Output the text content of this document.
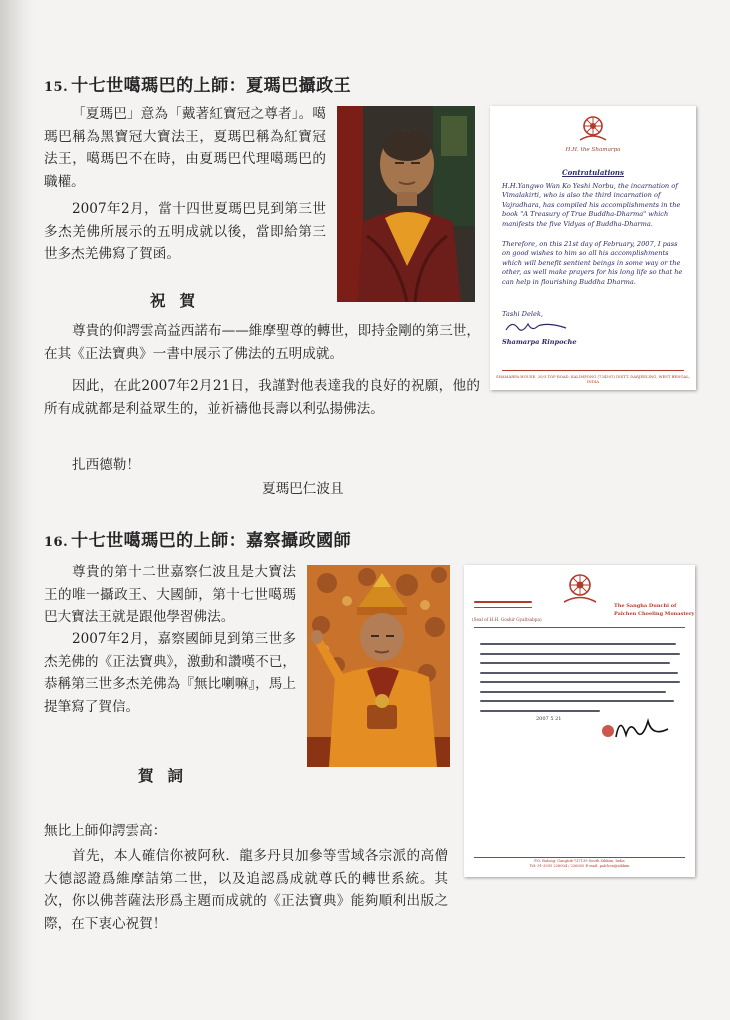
15. 十七世噶瑪巴的上師：夏瑪巴攝政王

「夏瑪巴」意為「戴著紅寶冠之尊者」。噶瑪巴稱為黑寶冠大寶法王，夏瑪巴稱為紅寶冠法王，噶瑪巴不在時，由夏瑪巴代理噶瑪巴的職權。

2007年2月，當十四世夏瑪巴見到第三世多杰羌佛所展示的五明成就以後，當即給第三世多杰羌佛寫了賀函。

祝賀

尊貴的仰諤雲高益西諾布——維摩聖尊的轉世，即持金剛的第三世，在其《正法寶典》一書中展示了佛法的五明成就。

因此，在此2007年2月21日，我謹對他表達我的良好的祝願，他的所有成就都是利益眾生的，並祈禱他長壽以利弘揚佛法。

扎西德勒！

夏瑪巴仁波且

H.H. the Shamarpa
Contratulations

H.H.Yangwo Wan Ko Yeshi Norbu, the incarnation of Vimalakirti, who is also the third incarnation of Vajradhara, has compiled his accomplishments in the book "A Treasury of True Buddha-Dharma" which manifests the five Vidyas of Buddha-Dharma.

Therefore, on this 21st day of February, 2007, I pass on good wishes to him so all his accomplishments which will benefit sentient beings in some way or the other, as well make prayers for his long life so that he can help in flourishing Buddha Dharma.

Tashi Delek,

Shamarpa Rinpoche

SHAMARPA HOUSE, 20/3 TOP ROAD, KALIMPONG (734301) DISTT. DARJEELING, WEST BENGAL, INDIA
16. 十七世噶瑪巴的上師：嘉察攝政國師

尊貴的第十二世嘉察仁波且是大寶法王的唯一攝政王、大國師，第十七世噶瑪巴大寶法王就是跟他學習佛法。

2007年2月，嘉察國師見到第三世多杰羌佛的《正法寶典》，激動和讚嘆不已，恭稱第三世多杰羌佛為『無比喇嘛』，馬上提筆寫了賀信。

賀詞

無比上師仰諤雲高：

首先，本人確信你被阿秋．龍多丹貝加參等雪域各宗派的高僧大德認證爲維摩詰第二世，以及追認爲成就尊氏的轉世系統。其次，你以佛菩薩法形爲主題而成就的《正法寶典》能夠順利出版之際，在下衷心祝賀！

(Seal of H.H. Goshir Gyaltsabpa)
The Sangha Dunchi of
Palchen Choeling Monastery
2007 5 21
P.O. Ralong, Gangtok-737139 South Sikkim, India
Tel: 91-3595 226004 / 226005 E-mail: palchen@sikkim
